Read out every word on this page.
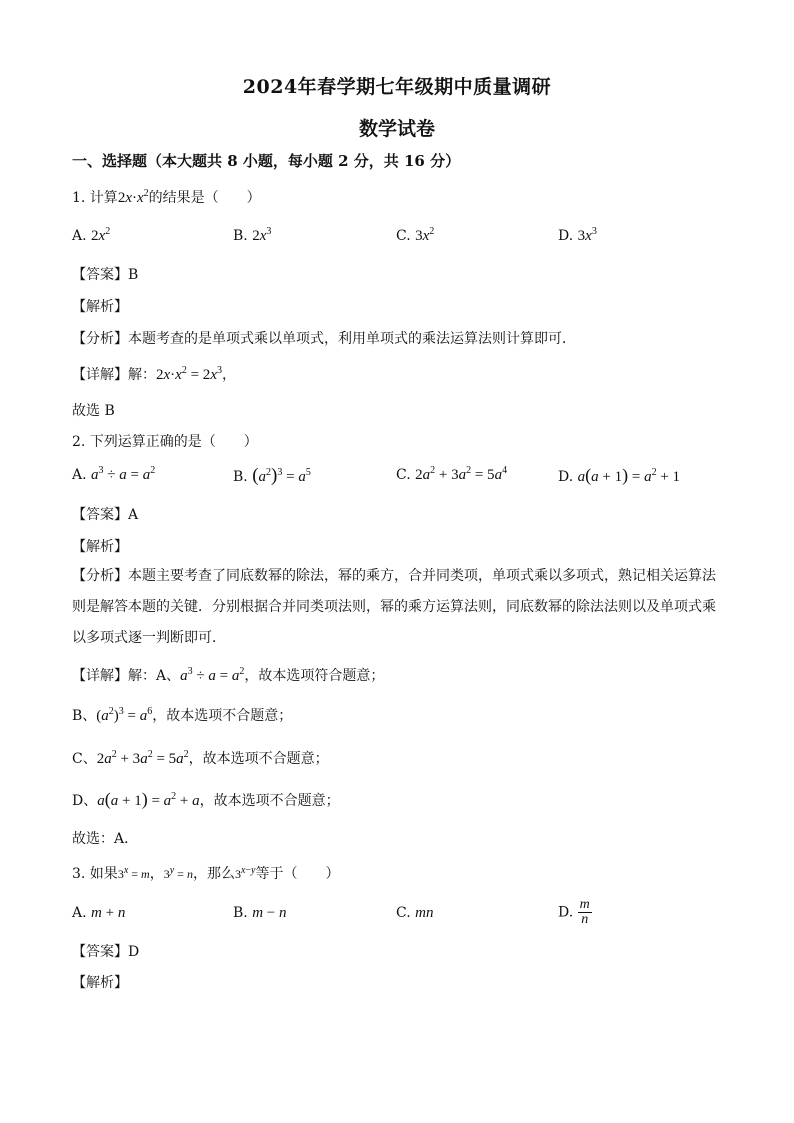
2024年春学期七年级期中质量调研
数学试卷
一、选择题（本大题共 8 小题，每小题 2 分，共 16 分）
1. 计算$2x\cdot x^2$的结果是（　　）
A. $2x^2$	B. $2x^3$	C. $3x^2$	D. $3x^3$
【答案】B
【解析】
【分析】本题考查的是单项式乘以单项式，利用单项式的乘法运算法则计算即可．
【详解】解：$2x\cdot x^2 = 2x^3$，
故选 B
2. 下列运算正确的是（　　）
A. $a^3 \div a = a^2$	B. $(a^2)^3 = a^5$	C. $2a^2 + 3a^2 = 5a^4$	D. $a(a + 1) = a^2 + 1$
【答案】A
【解析】
【分析】本题主要考查了同底数幂的除法，幂的乘方，合并同类项，单项式乘以多项式，熟记相关运算法则是解答本题的关键．分别根据合并同类项法则，幂的乘方运算法则，同底数幂的除法法则以及单项式乘以多项式逐一判断即可．
【详解】解：A、$a^3 \div a = a^2$，故本选项符合题意；
B、$(a^2)^3 = a^6$，故本选项不合题意；
C、$2a^2 + 3a^2 = 5a^2$，故本选项不合题意；
D、$a(a + 1) = a^2 + a$，故本选项不合题意；
故选：A．
3. 如果$3^x = m$，$3^y = n$，那么$3^{x-y}$等于（　　）
A. m + n	B. m − n	C. mn	D. $\frac{m}{n}$
【答案】D
【解析】
